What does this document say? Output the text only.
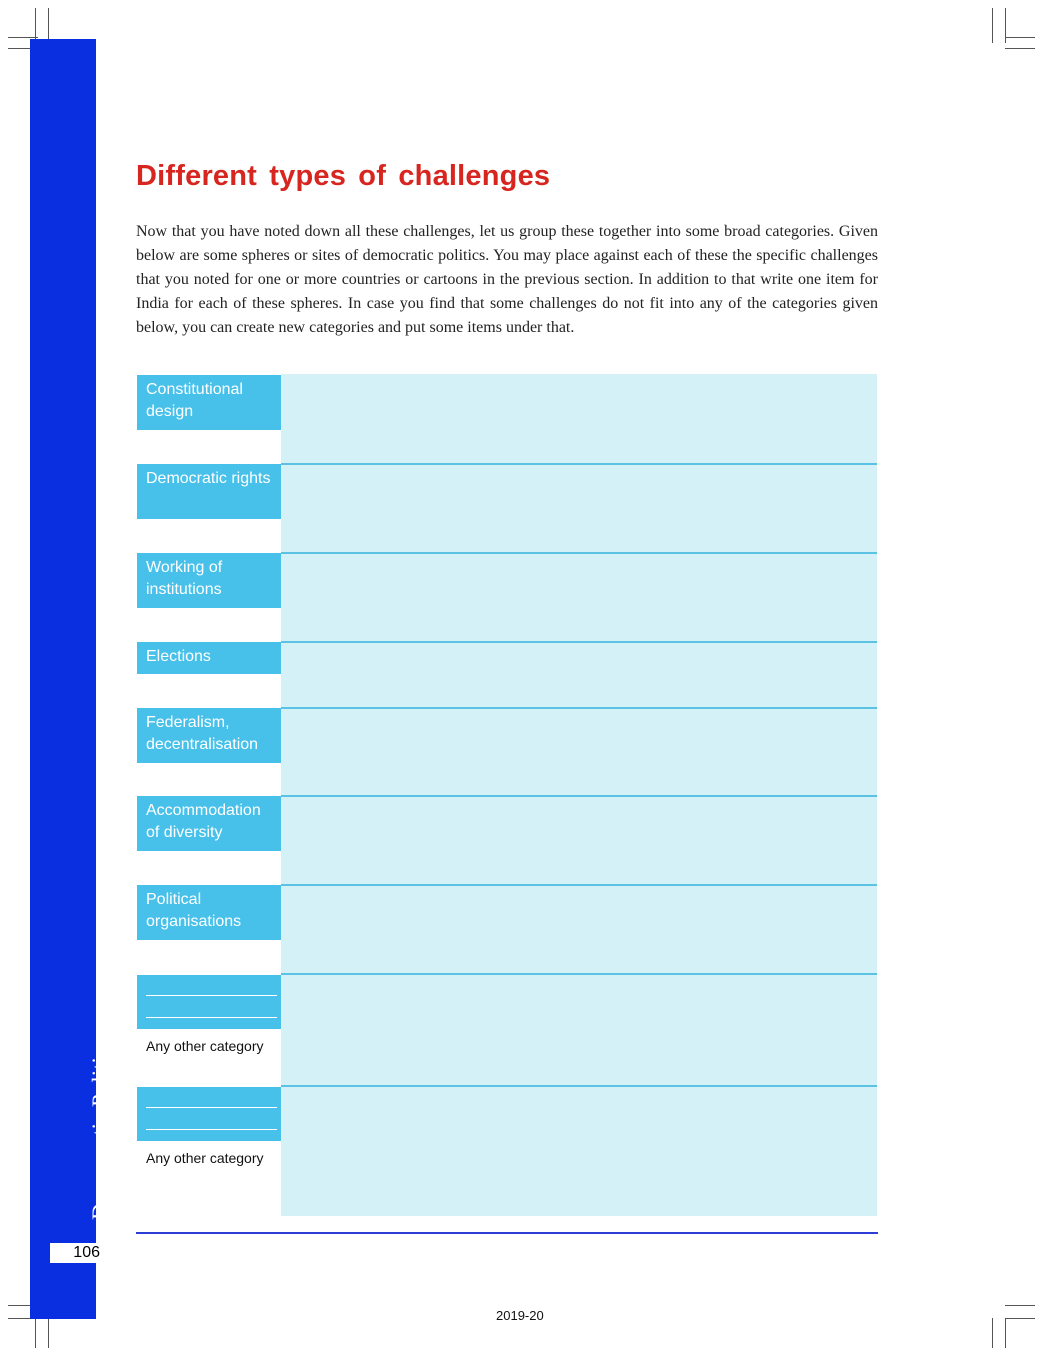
Democratic Politics
106
Different types of challenges

Now that you have noted down all these challenges, let us group these together into some broad categories. Given below are some spheres or sites of democratic politics. You may place against each of these the specific challenges that you noted for one or more countries or cartoons in the previous section. In addition to that write one item for India for each of these spheres. In case you find that some challenges do not fit into any of the categories given below, you can create new categories and put some items under that.

Constitutional design
Democratic rights
Working of institutions
Elections
Federalism, decentralisation
Accommodation of diversity
Political organisations
Any other category
Any other category
2019-20
